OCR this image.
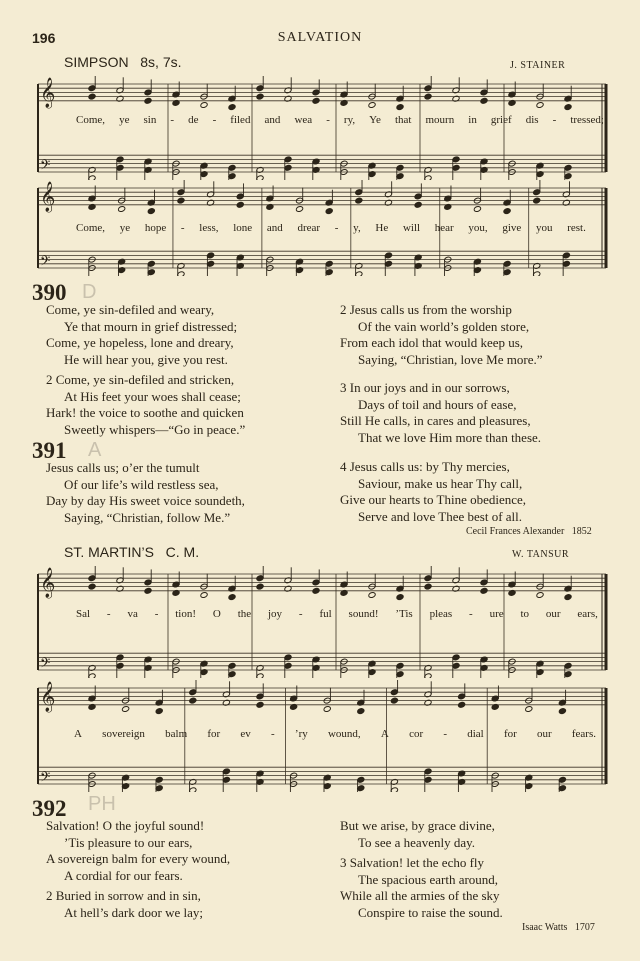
196	SALVATION
SIMPSON 8s, 7s.	J. STAINER
𝄞
𝄢
Come, ye sin - de - filed and wea - ry, Ye that mourn in grief dis - tressed;
𝄞
𝄢
Come, ye hope - less, lone and drear - y, He will hear you, give you rest.
390 D
Come, ye sin-defiled and weary,
Ye that mourn in grief distressed;
Come, ye hopeless, lone and dreary,
He will hear you, give you rest.
2 Come, ye sin-defiled and stricken,
At His feet your woes shall cease;
Hark! the voice to soothe and quicken
Sweetly whispers—“Go in peace.”
391 A
Jesus calls us; o’er the tumult
Of our life’s wild restless sea,
Day by day His sweet voice soundeth,
Saying, “Christian, follow Me.”
2 Jesus calls us from the worship
Of the vain world’s golden store,
From each idol that would keep us,
Saying, “Christian, love Me more.”
3 In our joys and in our sorrows,
Days of toil and hours of ease,
Still He calls, in cares and pleasures,
That we love Him more than these.
4 Jesus calls us: by Thy mercies,
Saviour, make us hear Thy call,
Give our hearts to Thine obedience,
Serve and love Thee best of all.
Cecil Frances Alexander 1852
ST. MARTIN’S C. M.	W. TANSUR
𝄞
𝄢
Sal - va - tion! O the joy - ful sound! ’Tis pleas - ure to our ears,
𝄞
𝄢
A sovereign balm for ev - ’ry wound, A cor - dial for our fears.
392 PH
Salvation! O the joyful sound!
’Tis pleasure to our ears,
A sovereign balm for every wound,
A cordial for our fears.
2 Buried in sorrow and in sin,
At hell’s dark door we lay;
But we arise, by grace divine,
To see a heavenly day.
3 Salvation! let the echo fly
The spacious earth around,
While all the armies of the sky
Conspire to raise the sound.
Isaac Watts 1707
